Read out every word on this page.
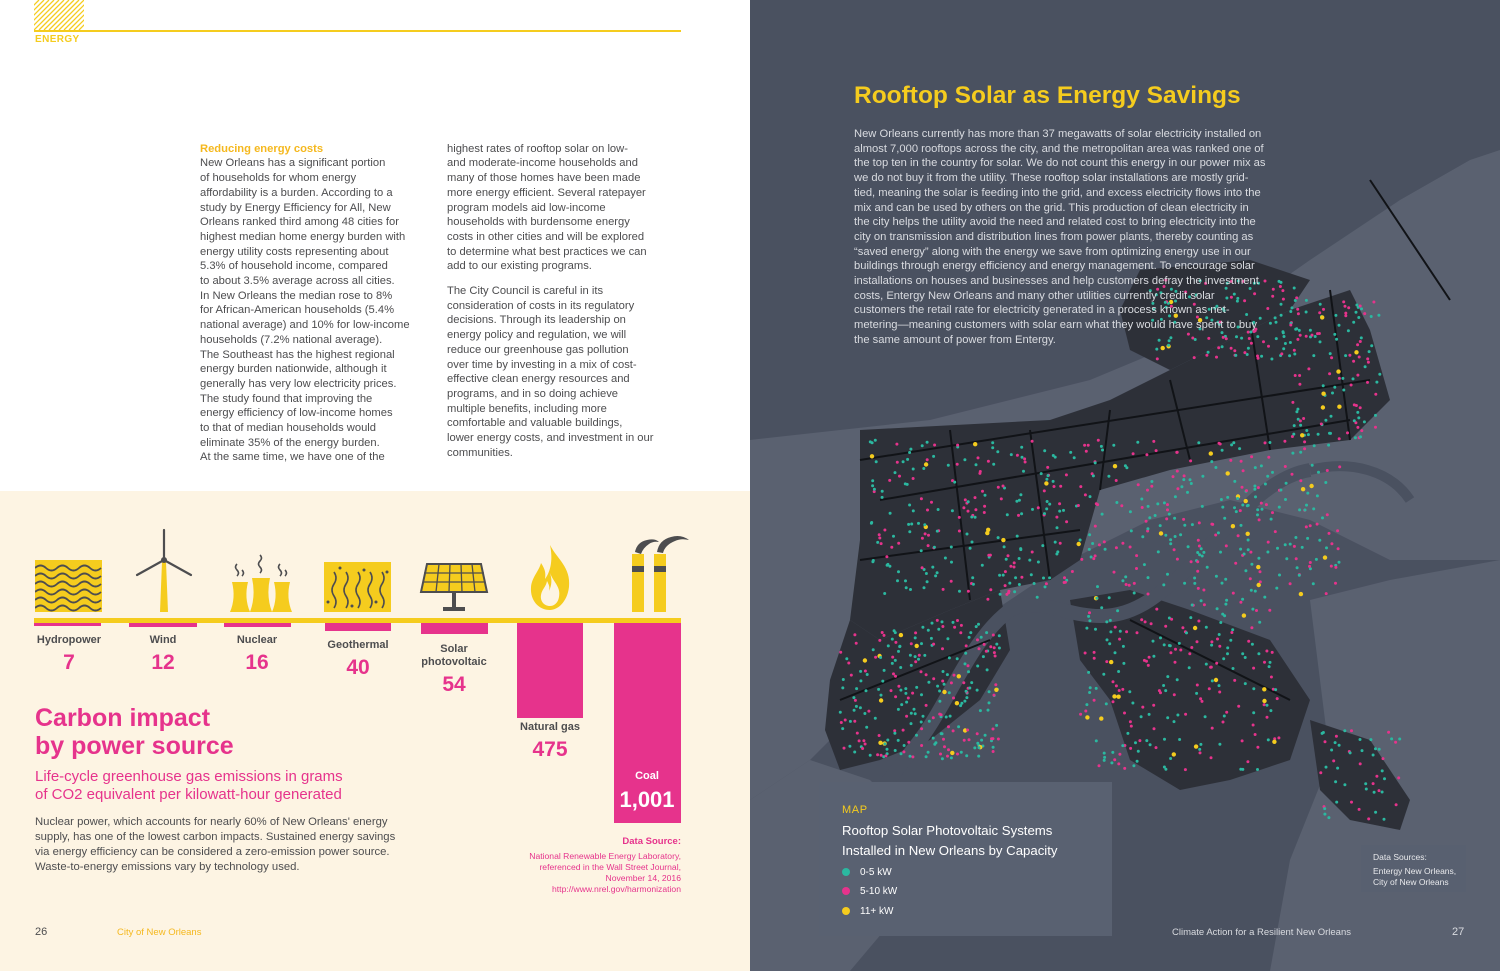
ENERGY

Reducing energy costs
New Orleans has a significant portion
of households for whom energy
affordability is a burden. According to a
study by Energy Efficiency for All, New
Orleans ranked third among 48 cities for
highest median home energy burden with
energy utility costs representing about
5.3% of household income, compared
to about 3.5% average across all cities.
In New Orleans the median rose to 8%
for African-American households (5.4%
national average) and 10% for low-income
households (7.2% national average).
The Southeast has the highest regional
energy burden nationwide, although it
generally has very low electricity prices.
The study found that improving the
energy efficiency of low-income homes
to that of median households would
eliminate 35% of the energy burden.
At the same time, we have one of the

highest rates of rooftop solar on low-
and moderate-income households and
many of those homes have been made
more energy efficient. Several ratepayer
program models aid low-income
households with burdensome energy
costs in other cities and will be explored
to determine what best practices we can
add to our existing programs.
The City Council is careful in its
consideration of costs in its regulatory
decisions. Through its leadership on
energy policy and regulation, we will
reduce our greenhouse gas pollution
over time by investing in a mix of cost-
effective clean energy resources and
programs, and in so doing achieve
multiple benefits, including more
comfortable and valuable buildings,
lower energy costs, and investment in our
communities.

Hydropower
7
Wind
12
Nuclear
16
Geothermal
40
Solar photovoltaic
54
Natural gas
475
Coal
1,001
Carbon impact
by power source
Life-cycle greenhouse gas emissions in grams
of CO2 equivalent per kilowatt-hour generated
Nuclear power, which accounts for nearly 60% of New Orleans' energy supply, has one of the lowest carbon impacts. Sustained energy savings via energy efficiency can be considered a zero-emission power source. Waste-to-energy emissions vary by technology used.
Data Source:
National Renewable Energy Laboratory,
referenced in the Wall Street Journal,
November 14, 2016
http://www.nrel.gov/harmonization
26	City of New Orleans
Rooftop Solar as Energy Savings
New Orleans currently has more than 37 megawatts of solar electricity installed on almost 7,000 rooftops across the city, and the metropolitan area was ranked one of the top ten in the country for solar. We do not count this energy in our power mix as we do not buy it from the utility. These rooftop solar installations are mostly grid-tied, meaning the solar is feeding into the grid, and excess electricity flows into the mix and can be used by others on the grid. This production of clean electricity in the city helps the utility avoid the need and related cost to bring electricity into the city on transmission and distribution lines from power plants, thereby counting as “saved energy” along with the energy we save from optimizing energy use in our buildings through energy efficiency and energy management. To encourage solar installations on houses and businesses and help customers defray the investment costs, Entergy New Orleans and many other utilities currently credit solar customers the retail rate for electricity generated in a process known as net-metering—meaning customers with solar earn what they would have spent to buy the same amount of power from Entergy.
MAP
Rooftop Solar Photovoltaic Systems
Installed in New Orleans by Capacity
0-5 kW
5-10 kW
11+ kW
Data Sources:
Entergy New Orleans,
City of New Orleans
Climate Action for a Resilient New Orleans	27
